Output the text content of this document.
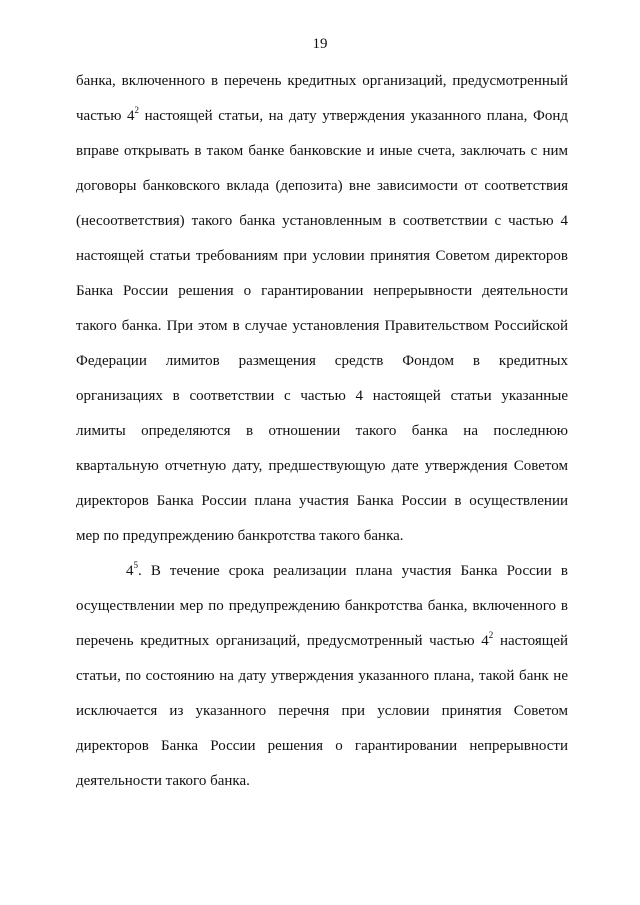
19
банка, включенного в перечень кредитных организаций, предусмотренный
частью $4^2$ настоящей статьи, на дату утверждения указанного плана, Фонд
вправе открывать в таком банке банковские и иные счета, заключать с ним
договоры банковского вклада (депозита) вне зависимости от соответствия
(несоответствия) такого банка установленным в соответствии с частью 4
настоящей статьи требованиям при условии принятия Советом директоров
Банка России решения о гарантировании непрерывности деятельности
такого банка. При этом в случае установления Правительством Российской
Федерации лимитов размещения средств Фондом в кредитных
организациях в соответствии с частью 4 настоящей статьи указанные
лимиты определяются в отношении такого банка на последнюю
квартальную отчетную дату, предшествующую дате утверждения Советом
директоров Банка России плана участия Банка России в осуществлении
мер по предупреждению банкротства такого банка.
$4^5$. В течение срока реализации плана участия Банка России в
осуществлении мер по предупреждению банкротства банка, включенного в
перечень кредитных организаций, предусмотренный частью $4^2$ настоящей
статьи, по состоянию на дату утверждения указанного плана, такой банк не
исключается из указанного перечня при условии принятия Советом
директоров Банка России решения о гарантировании непрерывности
деятельности такого банка.
